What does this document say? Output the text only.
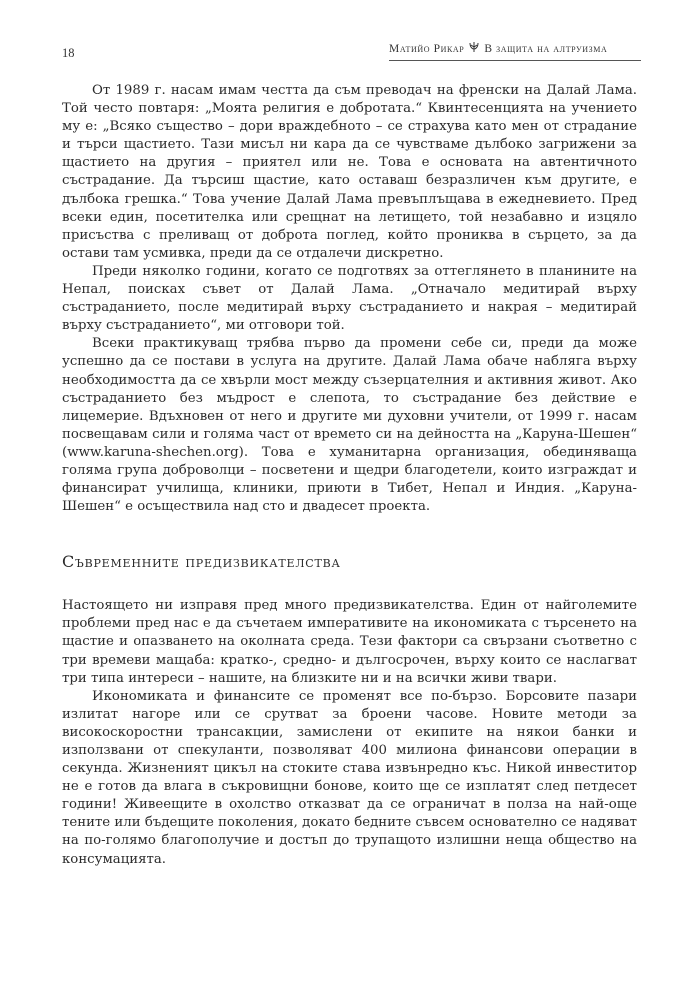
18	Матийо Рикар В защита на алтруизма

От 1989 г. насам имам честта да съм преводач на френски на Далай Лама. Той често повтаря: „Моята религия е добротата.“ Квинтесенцията на учението му е: „Всяко същество – дори враждебното – се страхува като мен от страдание и търси щастието. Тази мисъл ни кара да се чувстваме дълбоко загрижени за щастието на другия – приятел или не. Това е основата на автентичното състрадание. Да търсиш щастие, като оставаш безразличен към другите, е дълбока грешка.“ Това учение Далай Лама превъплъщава в ежедневието. Пред всеки един, посетителка или срещнат на летището, той незабавно и изцяло присъства с преливащ от доброта поглед, който прониква в сърцето, за да остави там усмивка, преди да се отдалечи дискретно.

Преди няколко години, когато се подготвях за оттеглянето в планините на Непал, поисках съвет от Далай Лама. „Отначало медитирай върху състраданието, после медитирай върху състраданието и накрая – медитирай върху състраданието“, ми отговори той.

Всеки практикуващ трябва първо да промени себе си, преди да може успешно да се постави в услуга на другите. Далай Лама обаче набляга върху необходимостта да се хвърли мост между съзерцателния и активния живот. Ако състраданието без мъдрост е слепота, то състрадание без действие е лицемерие. Вдъхновен от него и другите ми духовни учители, от 1999 г. насам посвещавам сили и голяма част от времето си на дейността на „Каруна-Шешен“ (www.karuna-shechen.org). Това е хуманитарна организация, обединяваща голяма група доброволци – посветени и щедри благодетели, които изграждат и финансират училища, клиники, приюти в Тибет, Непал и Индия. „Каруна-Шешен“ е осъществила над сто и двадесет проекта.

Съвременните предизвикателства

Настоящето ни изправя пред много предизвикателства. Един от найголемите проблеми пред нас е да съчетаем императивите на икономиката с търсенето на щастие и опазването на околната среда. Тези фактори са свързани съответно с три времеви мащаба: кратко-, средно- и дългосрочен, върху които се наслагват три типа интереси – нашите, на близките ни и на всички живи твари.

Икономиката и финансите се променят все по-бързо. Борсовите пазари излитат нагоре или се срутват за броени часове. Новите методи за високоскоростни трансакции, замислени от екипите на някои банки и използвани от спекуланти, позволяват 400 милиона финансови операции в секунда. Жизненият цикъл на стоките става извънредно къс. Никой инвеститор не е готов да влага в съкровищни бонове, които ще се изплатят след петдесет години! Живеещите в охолство отказват да се ограничат в полза на най-още тените или бъдещите поколения, докато бедните съвсем основателно се надяват на по-голямо благополучие и достъп до трупащото излишни неща общество на консумацията.
